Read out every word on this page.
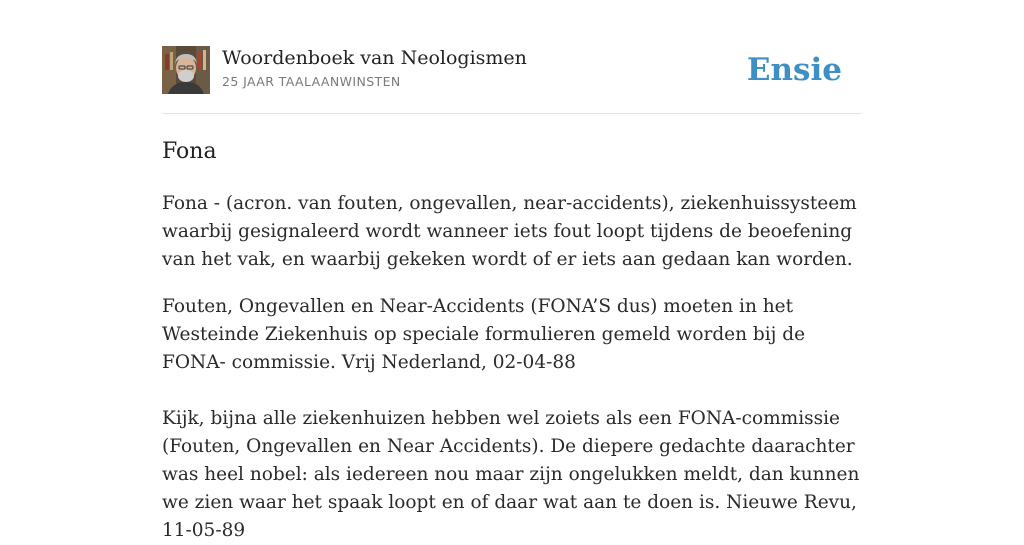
Woordenboek van Neologismen
25 JAAR TAALAANWINSTEN	Ensie
Fona

Fona - (acron. van fouten, ongevallen, near-accidents), ziekenhuissysteem waarbij gesignaleerd wordt wanneer iets fout loopt tijdens de beoefening van het vak, en waarbij gekeken wordt of er iets aan gedaan kan worden.

Fouten, Ongevallen en Near-Accidents (FONA’S dus) moeten in het Westeinde Ziekenhuis op speciale formulieren gemeld worden bij de FONA- commissie. Vrij Nederland, 02-04-88

Kijk, bijna alle ziekenhuizen hebben wel zoiets als een FONA-commissie (Fouten, Ongevallen en Near Accidents). De diepere gedachte daarachter was heel nobel: als iedereen nou maar zijn ongelukken meldt, dan kunnen we zien waar het spaak loopt en of daar wat aan te doen is. Nieuwe Revu, 11-05-89
